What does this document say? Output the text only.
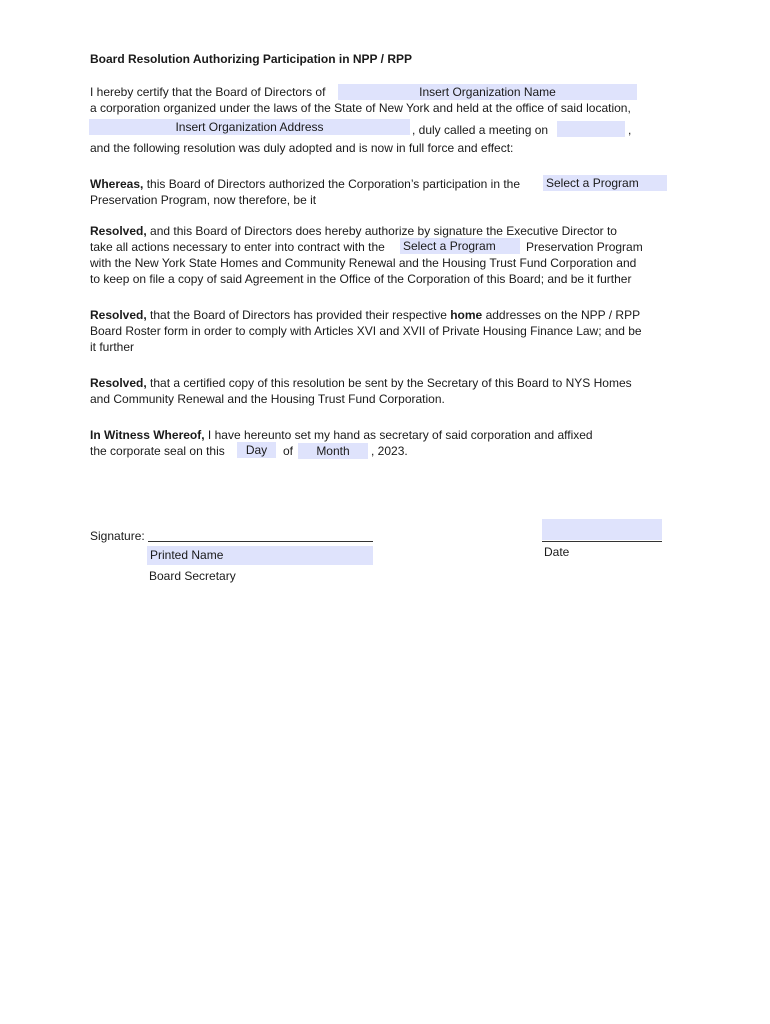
Board Resolution Authorizing Participation in NPP / RPP
I hereby certify that the Board of Directors of	Insert Organization Name
a corporation organized under the laws of the State of New York and held at the office of said location,
Insert Organization Address	, duly called a meeting on	,
and the following resolution was duly adopted and is now in full force and effect:
Whereas, this Board of Directors authorized the Corporation’s participation in the Select a Program
Preservation Program, now therefore, be it
Resolved, and this Board of Directors does hereby authorize by signature the Executive Director to
take all actions necessary to enter into contract with the Select a Program	Preservation Program
with the New York State Homes and Community Renewal and the Housing Trust Fund Corporation and
to keep on file a copy of said Agreement in the Office of the Corporation of this Board; and be it further
Resolved, that the Board of Directors has provided their respective home addresses on the NPP / RPP
Board Roster form in order to comply with Articles XVI and XVII of Private Housing Finance Law; and be
it further
Resolved, that a certified copy of this resolution be sent by the Secretary of this Board to NYS Homes
and Community Renewal and the Housing Trust Fund Corporation.
In Witness Whereof, I have hereunto set my hand as secretary of said corporation and affixed
the corporate seal on this	Day	of	Month	, 2023.
Signature:
Printed Name
Board Secretary
Date
